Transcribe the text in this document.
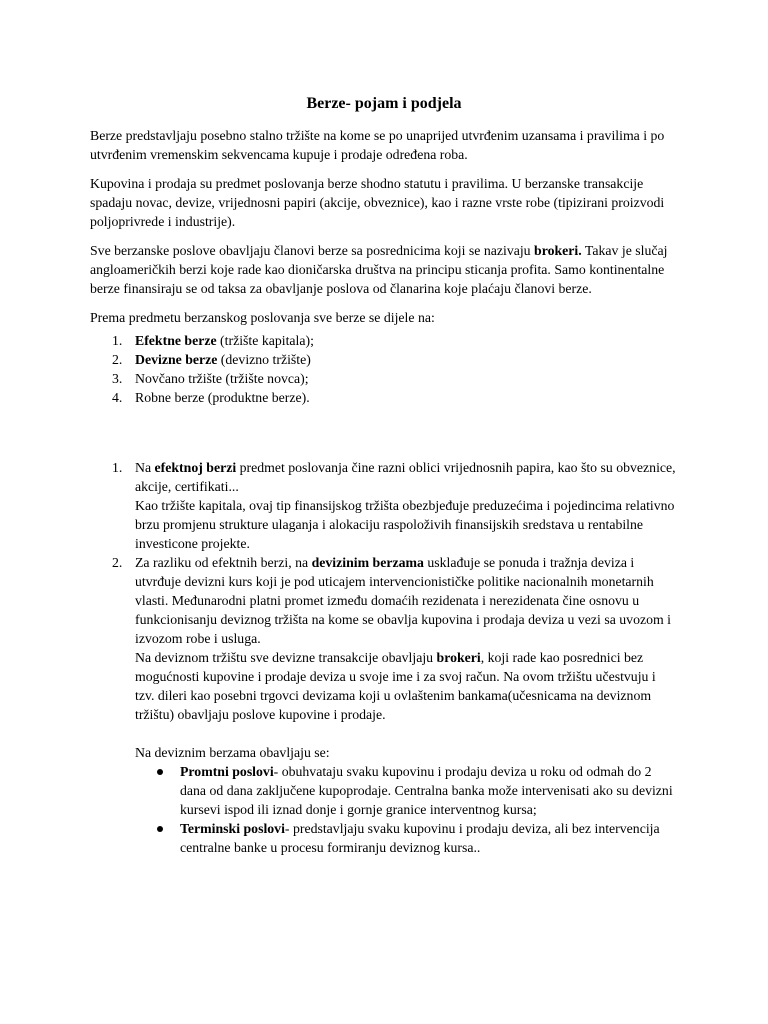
Berze- pojam i podjela

Berze predstavljaju posebno stalno tržište na kome se po unaprijed utvrđenim uzansama i pravilima i po utvrđenim vremenskim sekvencama kupuje i prodaje određena roba.

Kupovina i prodaja su predmet poslovanja berze shodno statutu i pravilima. U berzanske transakcije spadaju novac, devize, vrijednosni papiri (akcije, obveznice), kao i razne vrste robe (tipizirani proizvodi poljoprivrede i industrije).

Sve berzanske poslove obavljaju članovi berze sa posrednicima koji se nazivaju brokeri. Takav je slučaj angloameričkih berzi koje rade kao dioničarska društva na principu sticanja profita. Samo kontinentalne berze finansiraju se od taksa za obavljanje poslova od članarina koje plaćaju članovi berze.

Prema predmetu berzanskog poslovanja sve berze se dijele na:

1. Efektne berze (tržište kapitala);
2. Devizne berze (devizno tržište)
3. Novčano tržište (tržište novca);
4. Robne berze (produktne berze).
1. Na efektnoj berzi predmet poslovanja čine razni oblici vrijednosnih papira, kao što su obveznice, akcije, certifikati...
Kao tržište kapitala, ovaj tip finansijskog tržišta obezbjeđuje preduzećima i pojedincima relativno brzu promjenu strukture ulaganja i alokaciju raspoloživih finansijskih sredstava u rentabilne investicone projekte.
2. Za razliku od efektnih berzi, na devizinim berzama usklađuje se ponuda i tražnja deviza i utvrđuje devizni kurs koji je pod uticajem intervencionističke politike nacionalnih monetarnih vlasti. Međunarodni platni promet između domaćih rezidenata i nerezidenata čine osnovu u funkcionisanju deviznog tržišta na kome se obavlja kupovina i prodaja deviza u vezi sa uvozom i izvozom robe i usluga.
Na deviznom tržištu sve devizne transakcije obavljaju brokeri, koji rade kao posrednici bez mogućnosti kupovine i prodaje deviza u svoje ime i za svoj račun. Na ovom tržištu učestvuju i tzv. dileri kao posebni trgovci devizama koji u ovlaštenim bankama(učesnicama na deviznom tržištu) obavljaju poslove kupovine i prodaje.
Na deviznim berzama obavljaju se:
Promtni poslovi- obuhvataju svaku kupovinu i prodaju deviza u roku od odmah do 2 dana od dana zaključene kupoprodaje. Centralna banka može intervenisati ako su devizni kursevi ispod ili iznad donje i gornje granice interventnog kursa;
Terminski poslovi- predstavljaju svaku kupovinu i prodaju deviza, ali bez intervencija centralne banke u procesu formiranju deviznog kursa..
